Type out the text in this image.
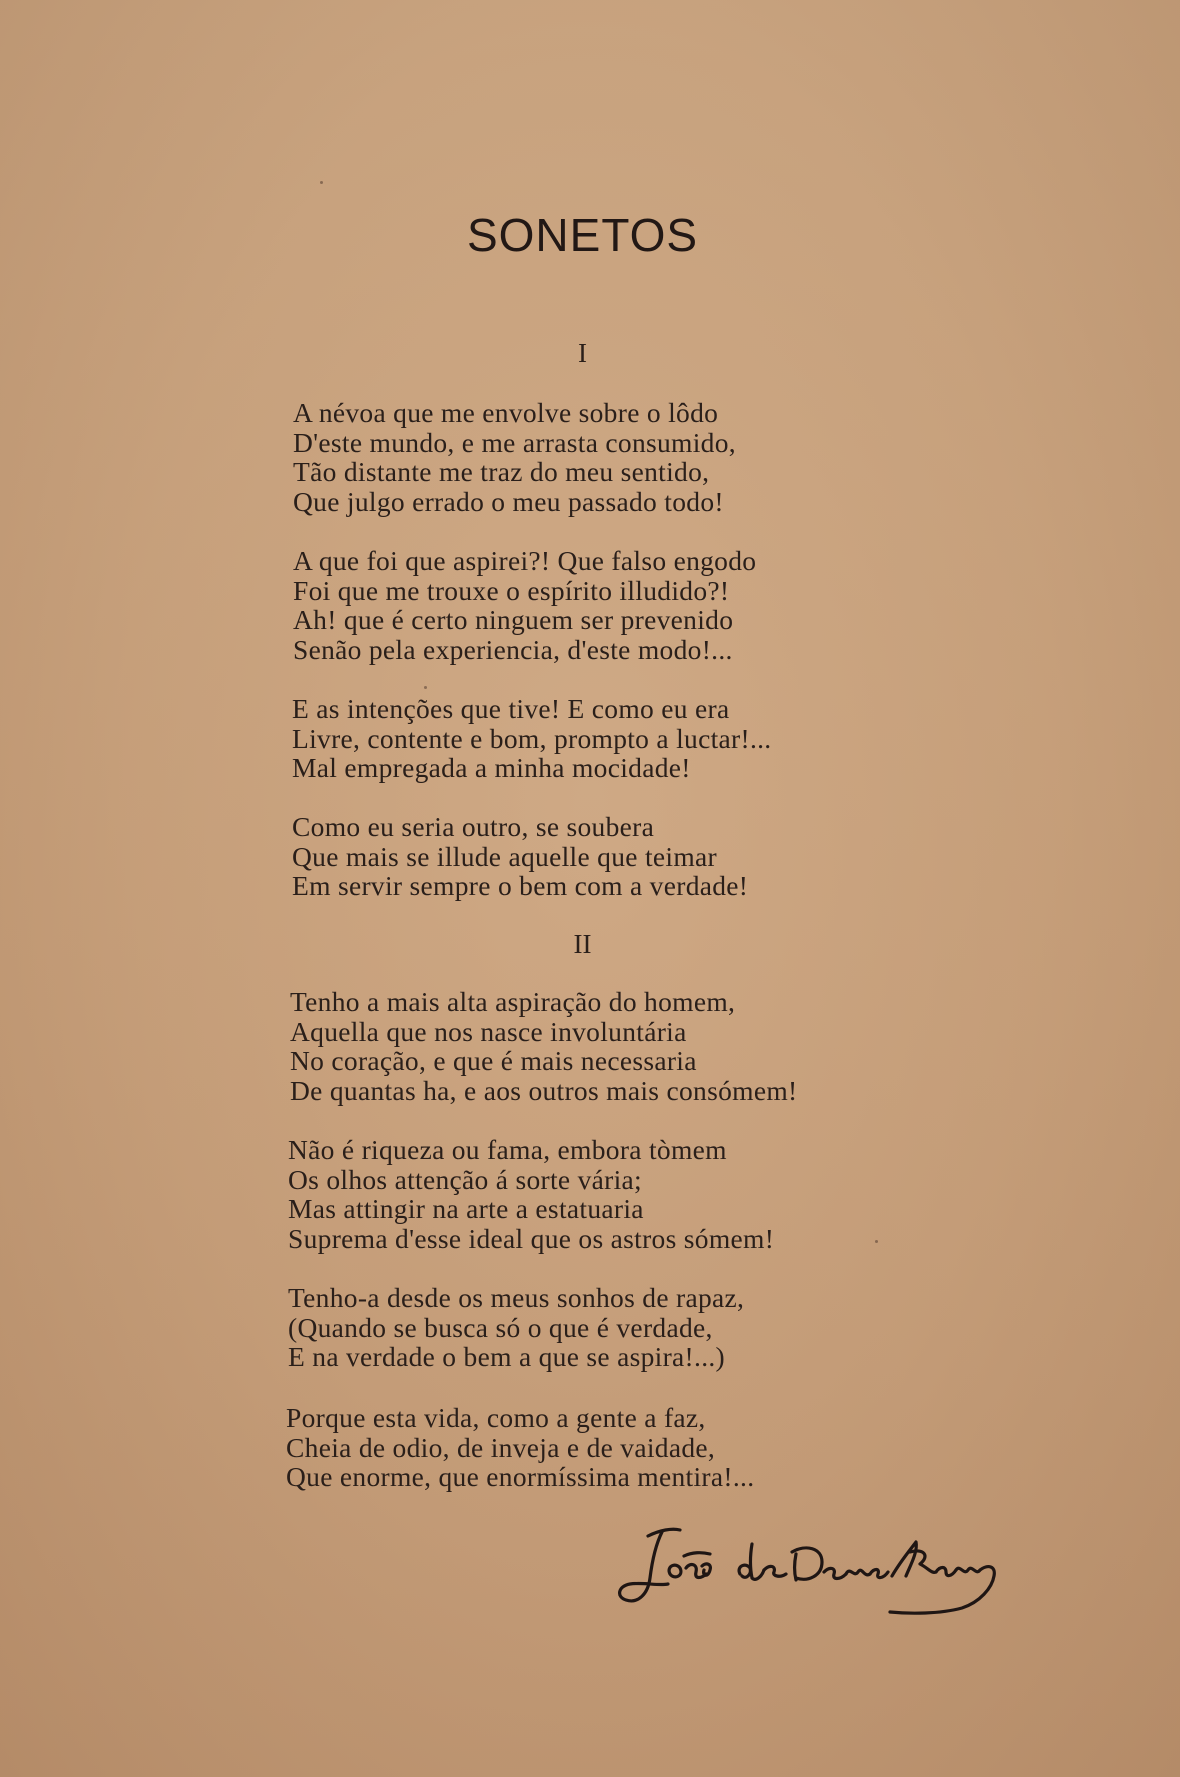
SONETOS
I
A névoa que me envolve sobre o lôdo
D'este mundo, e me arrasta consumido,
Tão distante me traz do meu sentido,
Que julgo errado o meu passado todo!
A que foi que aspirei?! Que falso engodo
Foi que me trouxe o espírito illudido?!
Ah! que é certo ninguem ser prevenido
Senão pela experiencia, d'este modo!...
E as intenções que tive! E como eu era
Livre, contente e bom, prompto a luctar!...
Mal empregada a minha mocidade!
Como eu seria outro, se soubera
Que mais se illude aquelle que teimar
Em servir sempre o bem com a verdade!
II
Tenho a mais alta aspiração do homem,
Aquella que nos nasce involuntária
No coração, e que é mais necessaria
De quantas ha, e aos outros mais consómem!
Não é riqueza ou fama, embora tòmem
Os olhos attenção á sorte vária;
Mas attingir na arte a estatuaria
Suprema d'esse ideal que os astros sómem!
Tenho-a desde os meus sonhos de rapaz,
(Quando se busca só o que é verdade,
E na verdade o bem a que se aspira!...)
Porque esta vida, como a gente a faz,
Cheia de odio, de inveja e de vaidade,
Que enorme, que enormíssima mentira!...
